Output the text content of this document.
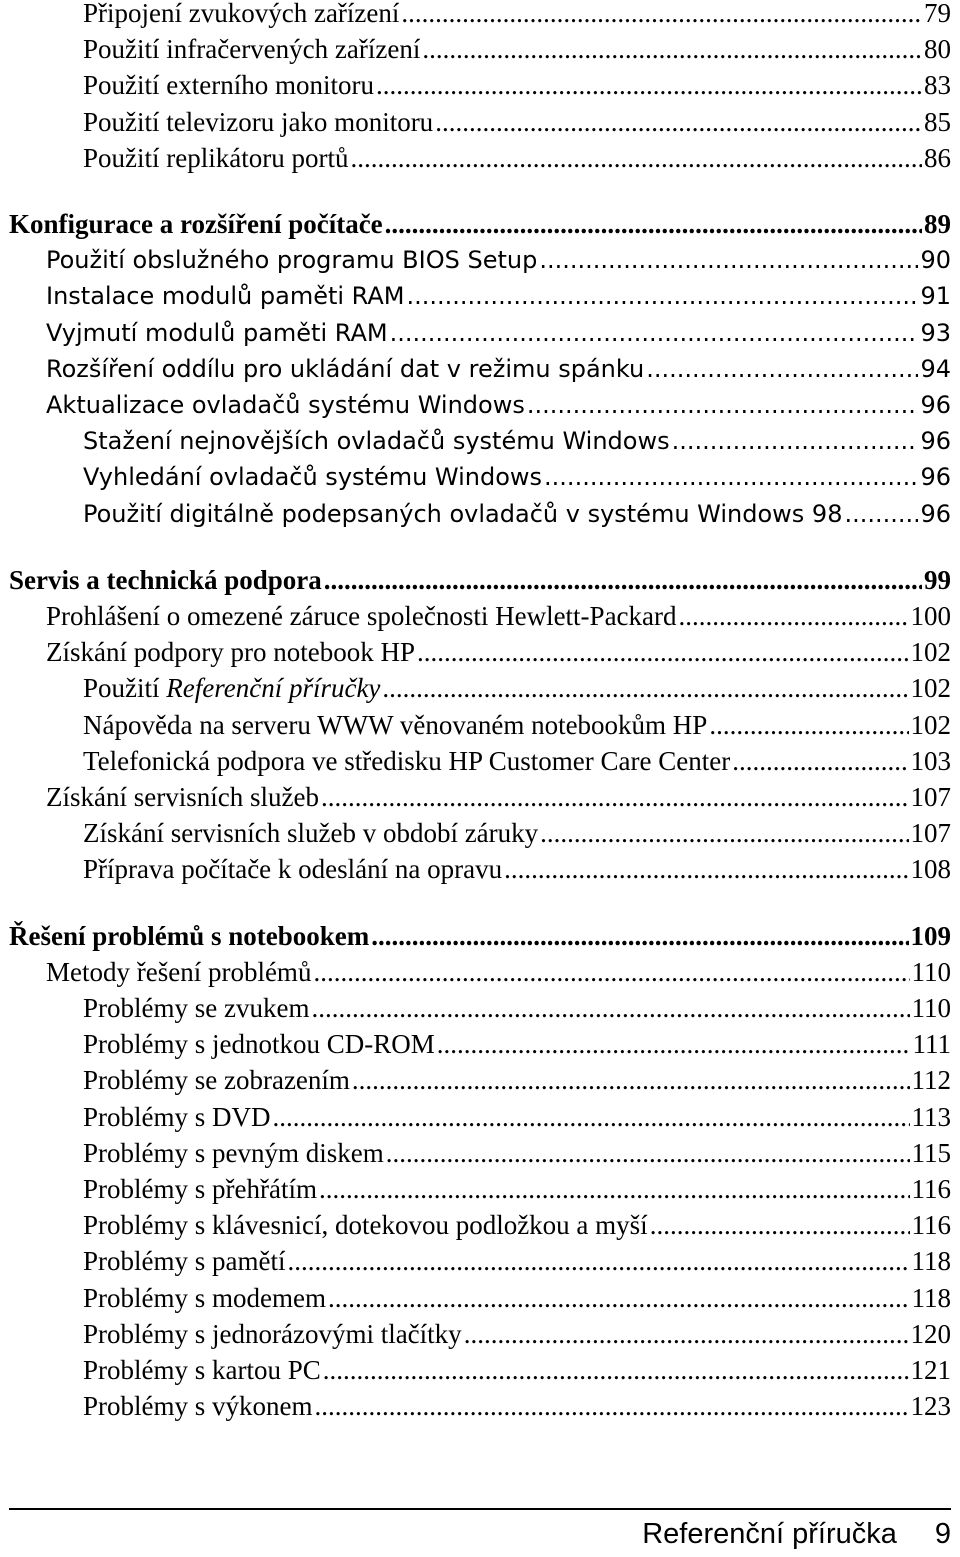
Připojení zvukových zařízení .....	79
Použití infračervených zařízení .....	80
Použití externího monitoru .....	83
Použití televizoru jako monitoru .....	85
Použití replikátoru portů .....	86
Konfigurace a rozšíření počítače .....	89
Použití obslužného programu BIOS Setup .....	90
Instalace modulů paměti RAM .....	91
Vyjmutí modulů paměti RAM .....	93
Rozšíření oddílu pro ukládání dat v režimu spánku .....	94
Aktualizace ovladačů systému Windows .....	96
Stažení nejnovějších ovladačů systému Windows .....	96
Vyhledání ovladačů systému Windows .....	96
Použití digitálně podepsaných ovladačů v systému Windows 98 .....	96
Servis a technická podpora .....	99
Prohlášení o omezené záruce společnosti Hewlett-Packard .....	100
Získání podpory pro notebook HP .....	102
Použití Referenční příručky .....	102
Nápověda na serveru WWW věnovaném notebookům HP .....	102
Telefonická podpora ve středisku HP Customer Care Center .....	103
Získání servisních služeb .....	107
Získání servisních služeb v období záruky .....	107
Příprava počítače k odeslání na opravu .....	108
Řešení problémů s notebookem .....	109
Metody řešení problémů .....	110
Problémy se zvukem .....	110
Problémy s jednotkou CD-ROM .....	111
Problémy se zobrazením .....	112
Problémy s DVD .....	113
Problémy s pevným diskem .....	115
Problémy s přehřátím .....	116
Problémy s klávesnicí, dotekovou podložkou a myší .....	116
Problémy s pamětí .....	118
Problémy s modemem .....	118
Problémy s jednorázovými tlačítky .....	120
Problémy s kartou PC .....	121
Problémy s výkonem .....	123
Referenční příručka 9
